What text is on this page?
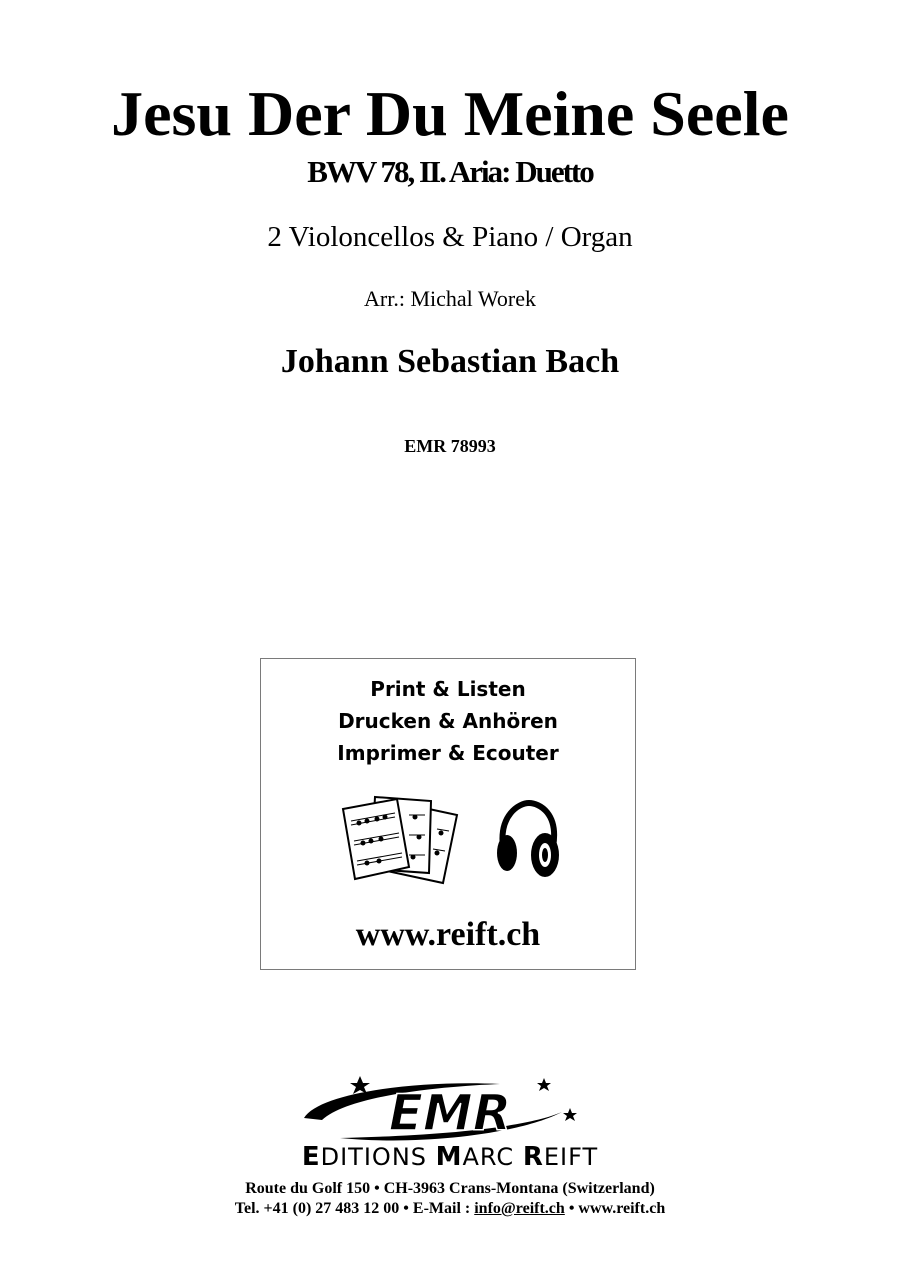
Jesu Der Du Meine Seele
BWV 78, II. Aria: Duetto
2 Violoncellos & Piano / Organ
Arr.: Michal Worek
Johann Sebastian Bach
EMR 78993
Print & Listen
Drucken & Anhören
Imprimer & Ecouter
www.reift.ch
EMR
EDITIONS MARC REIFT
Route du Golf 150 • CH-3963 Crans-Montana (Switzerland)
Tel. +41 (0) 27 483 12 00 • E-Mail : info@reift.ch • www.reift.ch
